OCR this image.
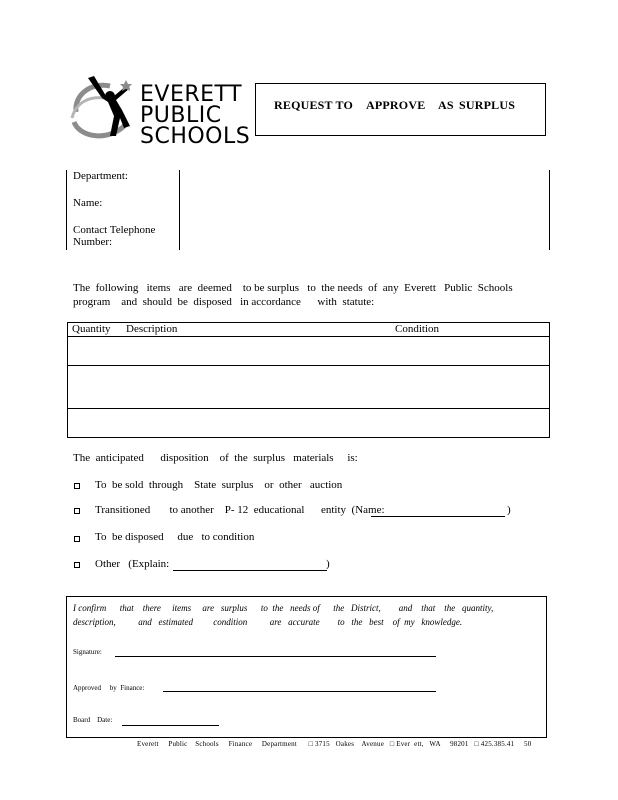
EVERETT
PUBLIC
SCHOOLS
REQUEST TO APPROVE AS SURPLUS
Department:
Name:
Contact Telephone
Number:
The  following   items   are  deemed    to be surplus   to  the needs  of  any  Everett   Public  Schools
program    and  should  be  disposed   in accordance      with  statute:
Quantity Description	Condition
The  anticipated      disposition    of  the  surplus   materials     is:
To  be sold  through    State  surplus    or  other   auction
Transitioned       to another    P- 12  educational      entity  (Name:	)
To  be disposed     due   to condition
Other   (Explain:	)
I confirm      that    there     items     are   surplus      to  the   needs of      the   District,        and    that    the   quantity,
description,          and   estimated         condition          are   accurate        to   the   best    of  my   knowledge.
Signature:
Approved     by  Finance:
Board    Date:
Everett     Public    Schools     Finance     Department      □ 3715   Oakes    Avenue   □ Ever  ett,   WA     98201   □ 425.385.41     50
